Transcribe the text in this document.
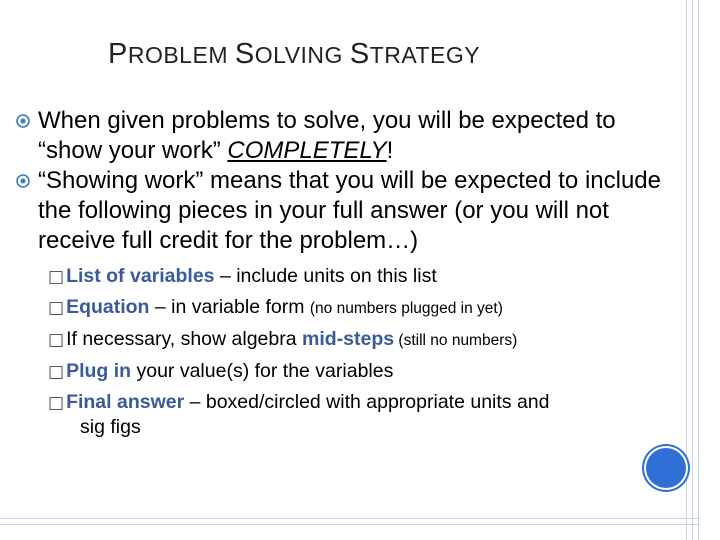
PROBLEM SOLVING STRATEGY
When given problems to solve, you will be expected to “show your work” COMPLETELY!
“Showing work” means that you will be expected to include the following pieces in your full answer (or you will not receive full credit for the problem…)
□ List of variables – include units on this list
□ Equation – in variable form (no numbers plugged in yet)
□ If necessary, show algebra mid-steps (still no numbers)
□ Plug in your value(s) for the variables
□ Final answer – boxed/circled with appropriate units and
sig figs
